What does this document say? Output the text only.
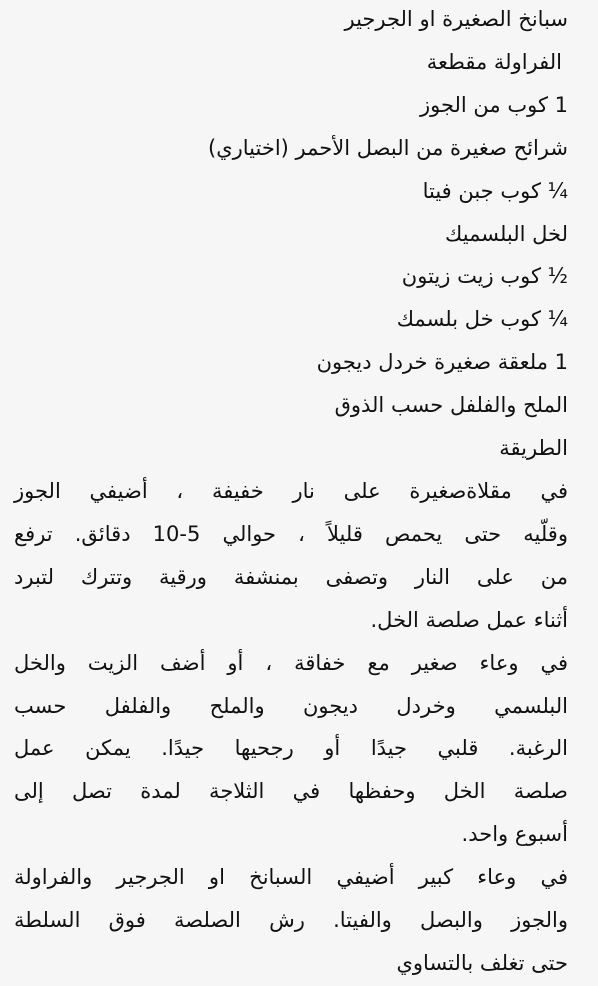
سبانخ الصغيرة او الجرجير

الفراولة مقطعة

1 كوب من الجوز

شرائح صغيرة من البصل الأحمر (اختياري)

¼ كوب جبن فيتا

لخل البلسميك

½ كوب زيت زيتون

¼ كوب خل بلسمك

1 ملعقة صغيرة خردل ديجون

الملح والفلفل حسب الذوق

الطريقة

في مقلاةصغيرة على نار خفيفة ، أضيفي الجوز
وقلّيه حتى يحمص قليلاً ، حوالي 5-10 دقائق. ترفع
من على النار وتصفى بمنشفة ورقية وتترك لتبرد
أثناء عمل صلصة الخل.
في وعاء صغير مع خفاقة ، أو أضف الزيت والخل
البلسمي وخردل ديجون والملح والفلفل حسب
الرغبة. قلبي جيدًا أو رجحيها جيدًا. يمكن عمل
صلصة الخل وحفظها في الثلاجة لمدة تصل إلى
أسبوع واحد.
في وعاء كبير أضيفي السبانخ او الجرجير والفراولة
والجوز والبصل والفيتا. رش الصلصة فوق السلطة
حتى تغلف بالتساوي
